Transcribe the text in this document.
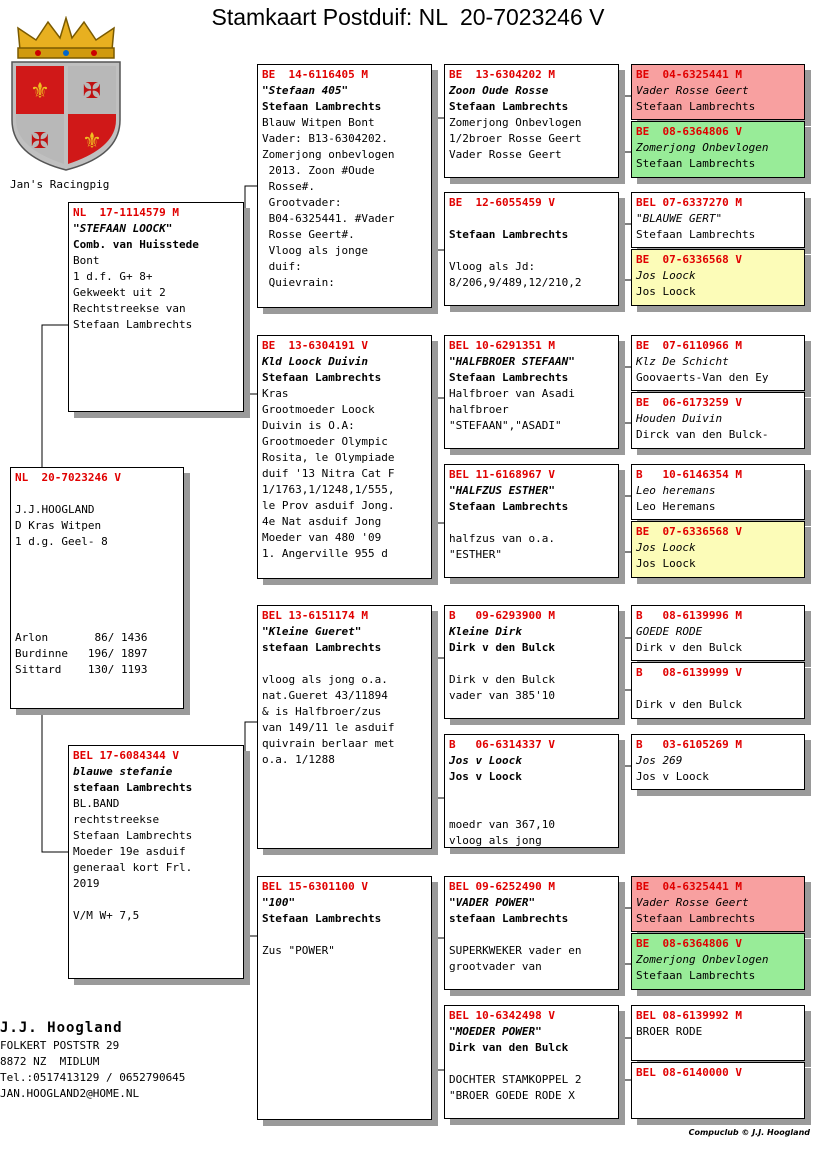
Stamkaart Postduif: NL  20-7023246 V
⚜
⚜
✠
✠
Jan's Racingpig
NL  20-7023246 V
J.J.HOOGLAND
D Kras Witpen
1 d.g. Geel- 8
Arlon       86/ 1436
Burdinne   196/ 1897
Sittard    130/ 1193
NL  17-1114579 M
"STEFAAN LOOCK"
Comb. van Huisstede
Bont
1 d.f. G+ 8+
Gekweekt uit 2
Rechtstreekse van
Stefaan Lambrechts
BEL 17-6084344 V
blauwe stefanie
stefaan Lambrechts
BL.BAND
rechtstreekse
Stefaan Lambrechts
Moeder 19e asduif
generaal kort Frl.
2019
V/M W+ 7,5
BE  14-6116405 M
"Stefaan 405"
Stefaan Lambrechts
Blauw Witpen Bont
Vader: B13-6304202.
Zomerjong onbevlogen
2013. Zoon #Oude
Rosse#.
Grootvader:
B04-6325441. #Vader
Rosse Geert#.
Vloog als jonge
duif:
Quievrain:
BE  13-6304191 V
Kld Loock Duivin
Stefaan Lambrechts
Kras
Grootmoeder Loock
Duivin is O.A:
Grootmoeder Olympic
Rosita, le Olympiade
duif '13 Nitra Cat F
1/1763,1/1248,1/555,
le Prov asduif Jong.
4e Nat asduif Jong
Moeder van 480 '09
1. Angerville 955 d
BEL 13-6151174 M
"Kleine Gueret"
stefaan Lambrechts
vloog als jong o.a.
nat.Gueret 43/11894
& is Halfbroer/zus
van 149/11 le asduif
quivrain berlaar met
o.a. 1/1288
BEL 15-6301100 V
"100"
Stefaan Lambrechts
Zus "POWER"
BE  13-6304202 M
Zoon Oude Rosse
Stefaan Lambrechts
Zomerjong Onbevlogen
1/2broer Rosse Geert
Vader Rosse Geert
BE  12-6055459 V
Stefaan Lambrechts
Vloog als Jd:
8/206,9/489,12/210,2
BEL 10-6291351 M
"HALFBROER STEFAAN"
Stefaan Lambrechts
Halfbroer van Asadi
halfbroer
"STEFAAN","ASADI"
BEL 11-6168967 V
"HALFZUS ESTHER"
Stefaan Lambrechts
halfzus van o.a.
"ESTHER"
B   09-6293900 M
Kleine Dirk
Dirk v den Bulck
Dirk v den Bulck
vader van 385'10
B   06-6314337 V
Jos v Loock
Jos v Loock
moedr van 367,10
vloog als jong
BEL 09-6252490 M
"VADER POWER"
stefaan Lambrechts
SUPERKWEKER vader en
grootvader van
BEL 10-6342498 V
"MOEDER POWER"
Dirk van den Bulck
DOCHTER STAMKOPPEL 2
"BROER GOEDE RODE X
BE  04-6325441 M
Vader Rosse Geert
Stefaan Lambrechts
BE  08-6364806 V
Zomerjong Onbevlogen
Stefaan Lambrechts
BEL 07-6337270 M
"BLAUWE GERT"
Stefaan Lambrechts
BE  07-6336568 V
Jos Loock
Jos Loock
BE  07-6110966 M
Klz De Schicht
Goovaerts-Van den Ey
BE  06-6173259 V
Houden Duivin
Dirck van den Bulck-
B   10-6146354 M
Leo heremans
Leo Heremans
BE  07-6336568 V
Jos Loock
Jos Loock
B   08-6139996 M
GOEDE RODE
Dirk v den Bulck
B   08-6139999 V
Dirk v den Bulck
B   03-6105269 M
Jos 269
Jos v Loock
BE  04-6325441 M
Vader Rosse Geert
Stefaan Lambrechts
BE  08-6364806 V
Zomerjong Onbevlogen
Stefaan Lambrechts
BEL 08-6139992 M
BROER RODE
BEL 08-6140000 V
J.J. Hoogland
FOLKERT POSTSTR 29
8872 NZ  MIDLUM
Tel.:0517413129 / 0652790645
JAN.HOOGLAND2@HOME.NL
Compuclub © J.J. Hoogland
